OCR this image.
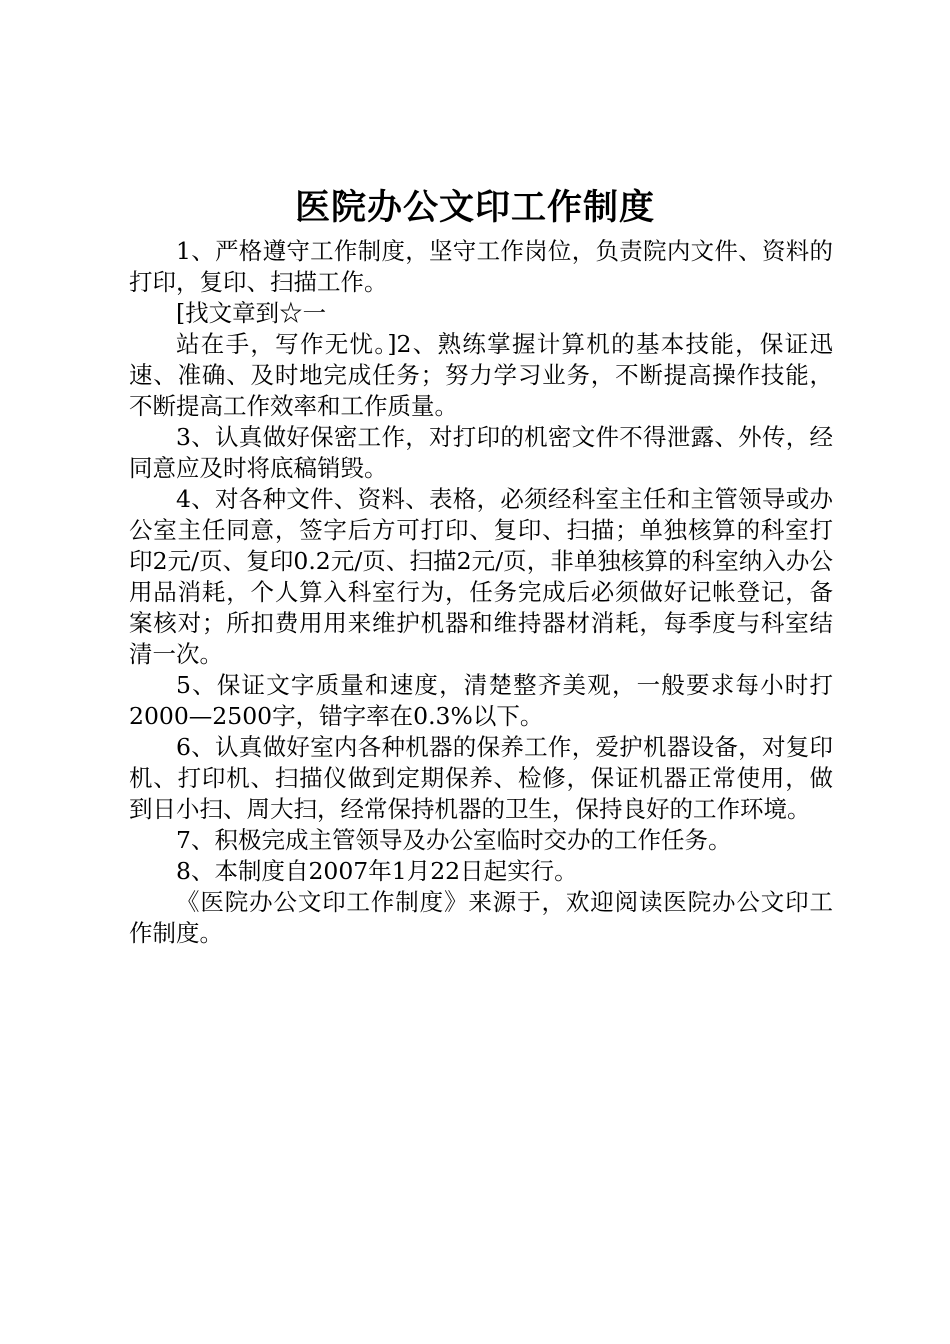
医院办公文印工作制度

1、严格遵守工作制度，坚守工作岗位，负责院内文件、资料的打印，复印、扫描工作。

[找文章到☆一

站在手，写作无忧。]2、熟练掌握计算机的基本技能，保证迅速、准确、及时地完成任务；努力学习业务，不断提高操作技能，不断提高工作效率和工作质量。

3、认真做好保密工作，对打印的机密文件不得泄露、外传，经同意应及时将底稿销毁。

4、对各种文件、资料、表格，必须经科室主任和主管领导或办公室主任同意，签字后方可打印、复印、扫描；单独核算的科室打印2元/页、复印0.2元/页、扫描2元/页，非单独核算的科室纳入办公用品消耗，个人算入科室行为，任务完成后必须做好记帐登记，备案核对；所扣费用用来维护机器和维持器材消耗，每季度与科室结清一次。

5、保证文字质量和速度，清楚整齐美观，一般要求每小时打2000—2500字，错字率在0.3%以下。

6、认真做好室内各种机器的保养工作，爱护机器设备，对复印机、打印机、扫描仪做到定期保养、检修，保证机器正常使用，做到日小扫、周大扫，经常保持机器的卫生，保持良好的工作环境。

7、积极完成主管领导及办公室临时交办的工作任务。

8、本制度自2007年1月22日起实行。

《医院办公文印工作制度》来源于，欢迎阅读医院办公文印工作制度。
